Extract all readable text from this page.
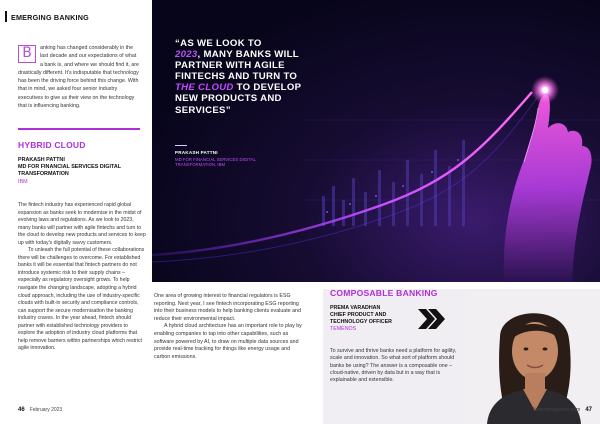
EMERGING BANKING
B	anking has changed considerably in the last decade and our expectations of what a bank is, and where we should find it, are drastically different. It's indisputable that technology has been the driving force behind this change. With that in mind, we asked four senior industry executives to give us their view on the technology that is influencing banking.
HYBRID CLOUD
PRAKASH PATTNI
MD FOR FINANCIAL SERVICES DIGITAL TRANSFORMATION
IBM

The fintech industry has experienced rapid global expansion as banks seek to modernise in the midst of evolving laws and regulations. As we look to 2023, many banks will partner with agile fintechs and turn to the cloud to develop new products and services to keep up with today's digitally savvy customers.

To unleash the full potential of these collaborations there will be challenges to overcome. For established banks it will be essential that fintech partners do not introduce systemic risk to their supply chains – especially as regulatory oversight grows. To help navigate the changing landscape, adopting a hybrid cloud approach, including the use of industry-specific clouds with built-in security and compliance controls, can support the secure modernisation the banking industry craves. In the year ahead, fintech should partner with established technology providers to explore the adoption of industry cloud platforms that help remove barriers within partnerships which restrict agile innovation.

“AS WE LOOK TO
2023, MANY BANKS WILL PARTNER WITH AGILE FINTECHS AND TURN TO THE CLOUD TO DEVELOP NEW PRODUCTS AND SERVICES”
PRAKASH PATTNI
MD FOR FINANCIAL SERVICES DIGITAL TRANSFORMATION, IBM

One area of growing interest to financial regulators is ESG reporting. Next year, I see fintech incorporating ESG reporting into their business models to help banking clients evaluate and reduce their environmental impact.

A hybrid cloud architecture has an important role to play by enabling companies to tap into other capabilities, such as software powered by AI, to draw on multiple data sources and provide real-time tracking for things like energy usage and carbon emissions.

COMPOSABLE BANKING
PREMA VARADHAN
CHIEF PRODUCT AND TECHNOLOGY OFFICER
TEMENOS
To survive and thrive banks need a platform for agility, scale and innovation. So what sort of platform should banks be using? The answer is a composable one – cloud-native, driven by data but in a way that is explainable and extensible.
46 February 2023	fintechmagazine.com 47
